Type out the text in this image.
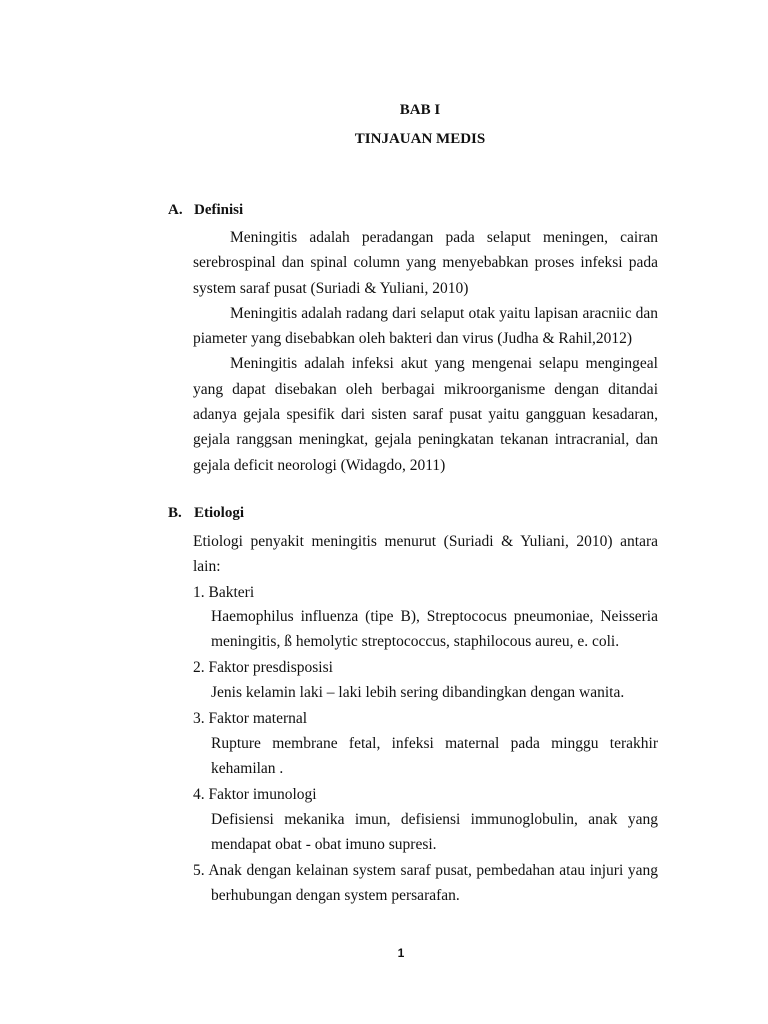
BAB I
TINJAUAN MEDIS
A. Definisi

Meningitis adalah peradangan pada selaput meningen, cairan serebrospinal dan spinal column yang menyebabkan proses infeksi pada system saraf pusat (Suriadi & Yuliani, 2010)

Meningitis adalah radang dari selaput otak yaitu lapisan aracniic dan piameter yang disebabkan oleh bakteri dan virus (Judha & Rahil,2012)

Meningitis adalah infeksi akut yang mengenai selapu mengingeal yang dapat disebakan oleh berbagai mikroorganisme dengan ditandai adanya gejala spesifik dari sisten saraf pusat yaitu gangguan kesadaran, gejala ranggsan meningkat, gejala peningkatan tekanan intracranial, dan gejala deficit neorologi (Widagdo, 2011)

B. Etiologi

Etiologi penyakit meningitis menurut (Suriadi & Yuliani, 2010) antara lain:

1. Bakteri

Haemophilus influenza (tipe B), Streptococus pneumoniae, Neisseria meningitis, ß hemolytic streptococcus, staphilocous aureu, e. coli.

2. Faktor presdisposisi

Jenis kelamin laki – laki lebih sering dibandingkan dengan wanita.

3. Faktor maternal

Rupture membrane fetal, infeksi maternal pada minggu terakhir kehamilan .

4. Faktor imunologi

Defisiensi mekanika imun, defisiensi immunoglobulin, anak yang mendapat obat - obat imuno supresi.

5. Anak dengan kelainan system saraf pusat, pembedahan atau injuri yang berhubungan dengan system persarafan.

1
